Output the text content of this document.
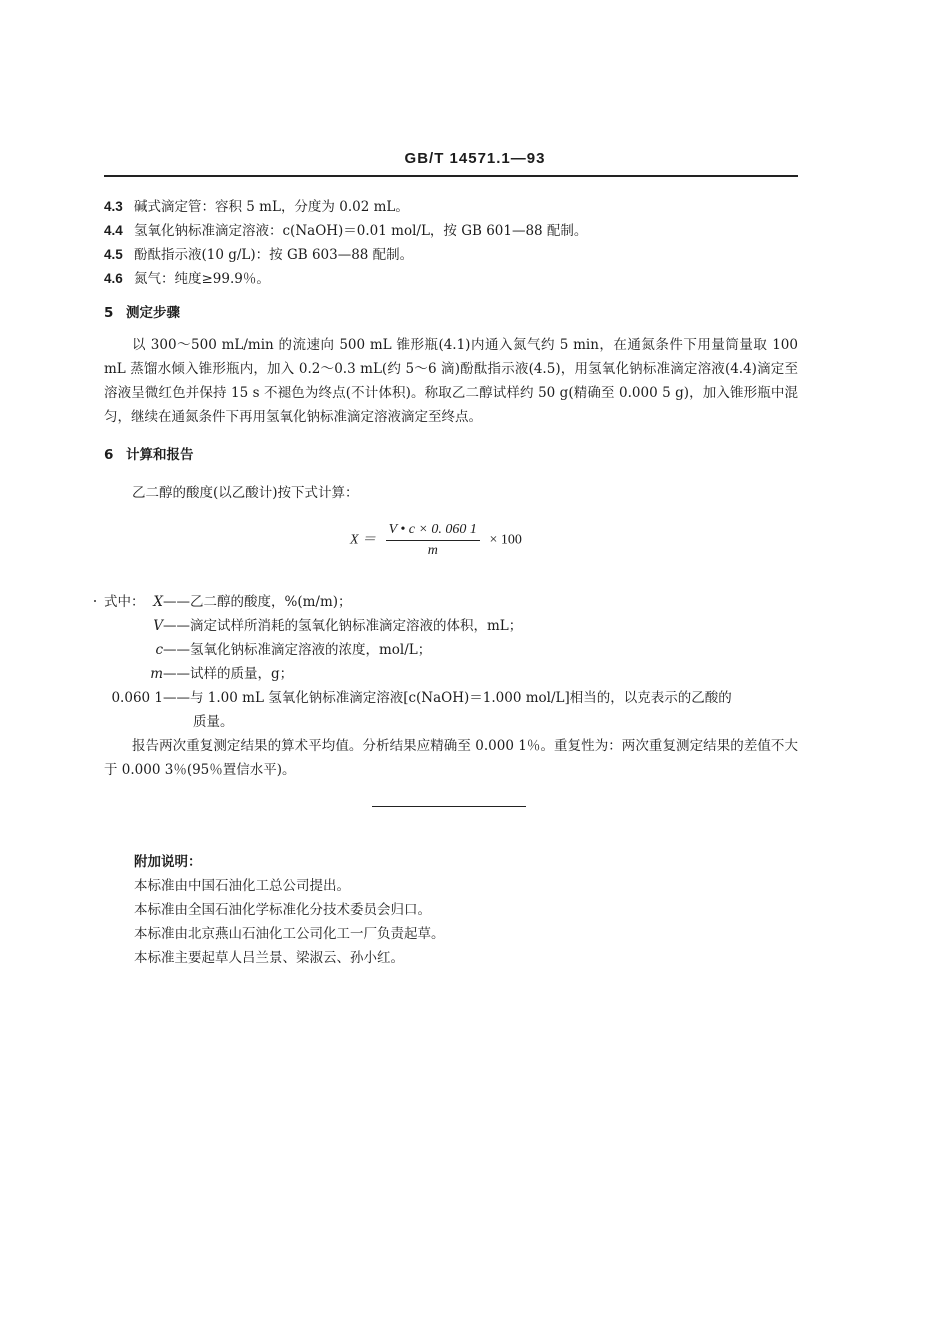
GB/T 14571.1—93
4.3 碱式滴定管：容积 5 mL，分度为 0.02 mL。
4.4 氢氧化钠标准滴定溶液：c(NaOH)＝0.01 mol/L，按 GB 601—88 配制。
4.5 酚酞指示液(10 g/L)：按 GB 603—88 配制。
4.6 氮气：纯度≥99.9％。
5 测定步骤
以 300～500 mL/min 的流速向 500 mL 锥形瓶(4.1)内通入氮气约 5 min，在通氮条件下用量筒量取 100 mL 蒸馏水倾入锥形瓶内，加入 0.2～0.3 mL(约 5～6 滴)酚酞指示液(4.5)，用氢氧化钠标准滴定溶液(4.4)滴定至溶液呈微红色并保持 15 s 不褪色为终点(不计体积)。称取乙二醇试样约 50 g(精确至 0.000 5 g)，加入锥形瓶中混匀，继续在通氮条件下再用氢氧化钠标准滴定溶液滴定至终点。
6 计算和报告
乙二醇的酸度(以乙酸计)按下式计算：
$X = \frac{V • c \times 0. 060 1}{m} \times 100$
式中： X——乙二醇的酸度，%(m/m)；
V——滴定试样所消耗的氢氧化钠标准滴定溶液的体积，mL；
c——氢氧化钠标准滴定溶液的浓度，mol/L；
m——试样的质量，g；
0.060 1——与 1.00 mL 氢氧化钠标准滴定溶液[c(NaOH)＝1.000 mol/L]相当的，以克表示的乙酸的
质量。
报告两次重复测定结果的算术平均值。分析结果应精确至 0.000 1％。重复性为：两次重复测定结果的差值不大于 0.000 3％(95％置信水平)。
附加说明：
本标准由中国石油化工总公司提出。
本标准由全国石油化学标准化分技术委员会归口。
本标准由北京燕山石油化工公司化工一厂负责起草。
本标准主要起草人吕兰景、梁淑云、孙小红。
